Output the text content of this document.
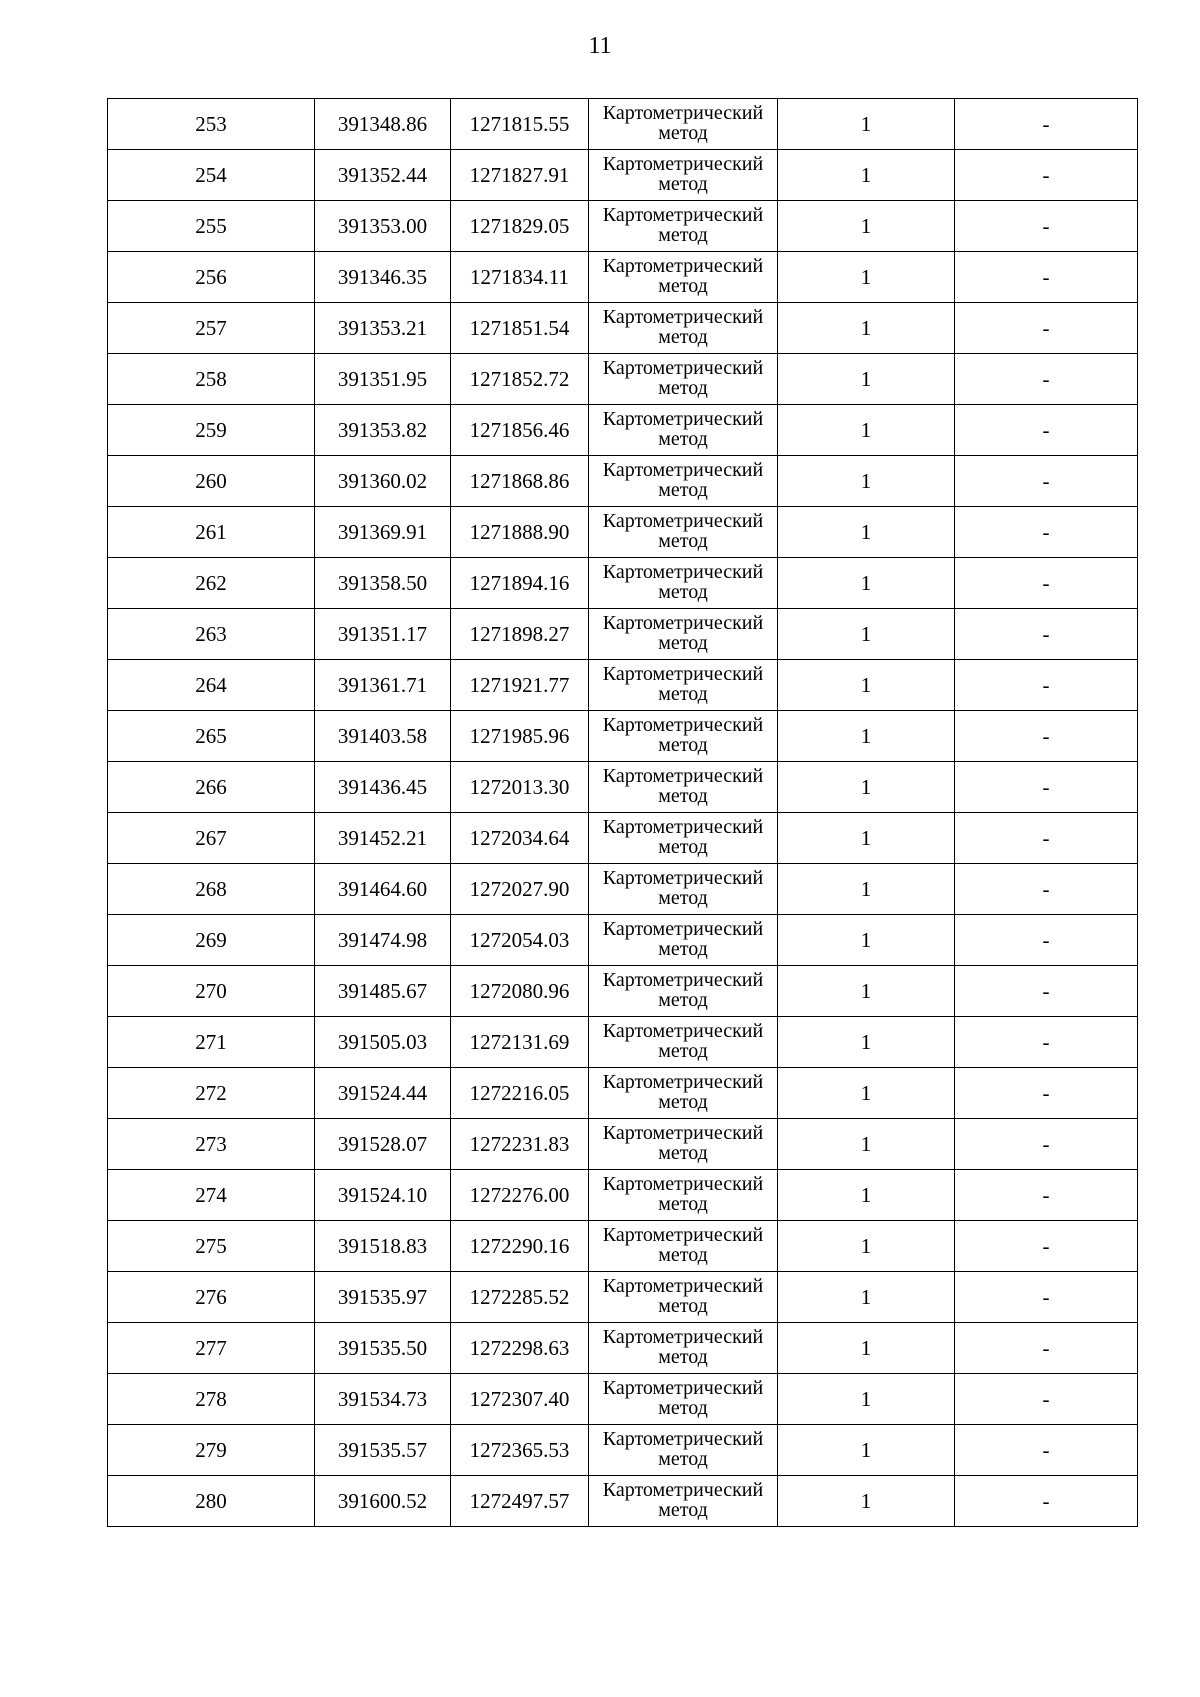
11
253	391348.86	1271815.55	Картометрический метод	1	-
254	391352.44	1271827.91	Картометрический метод	1	-
255	391353.00	1271829.05	Картометрический метод	1	-
256	391346.35	1271834.11	Картометрический метод	1	-
257	391353.21	1271851.54	Картометрический метод	1	-
258	391351.95	1271852.72	Картометрический метод	1	-
259	391353.82	1271856.46	Картометрический метод	1	-
260	391360.02	1271868.86	Картометрический метод	1	-
261	391369.91	1271888.90	Картометрический метод	1	-
262	391358.50	1271894.16	Картометрический метод	1	-
263	391351.17	1271898.27	Картометрический метод	1	-
264	391361.71	1271921.77	Картометрический метод	1	-
265	391403.58	1271985.96	Картометрический метод	1	-
266	391436.45	1272013.30	Картометрический метод	1	-
267	391452.21	1272034.64	Картометрический метод	1	-
268	391464.60	1272027.90	Картометрический метод	1	-
269	391474.98	1272054.03	Картометрический метод	1	-
270	391485.67	1272080.96	Картометрический метод	1	-
271	391505.03	1272131.69	Картометрический метод	1	-
272	391524.44	1272216.05	Картометрический метод	1	-
273	391528.07	1272231.83	Картометрический метод	1	-
274	391524.10	1272276.00	Картометрический метод	1	-
275	391518.83	1272290.16	Картометрический метод	1	-
276	391535.97	1272285.52	Картометрический метод	1	-
277	391535.50	1272298.63	Картометрический метод	1	-
278	391534.73	1272307.40	Картометрический метод	1	-
279	391535.57	1272365.53	Картометрический метод	1	-
280	391600.52	1272497.57	Картометрический метод	1	-
